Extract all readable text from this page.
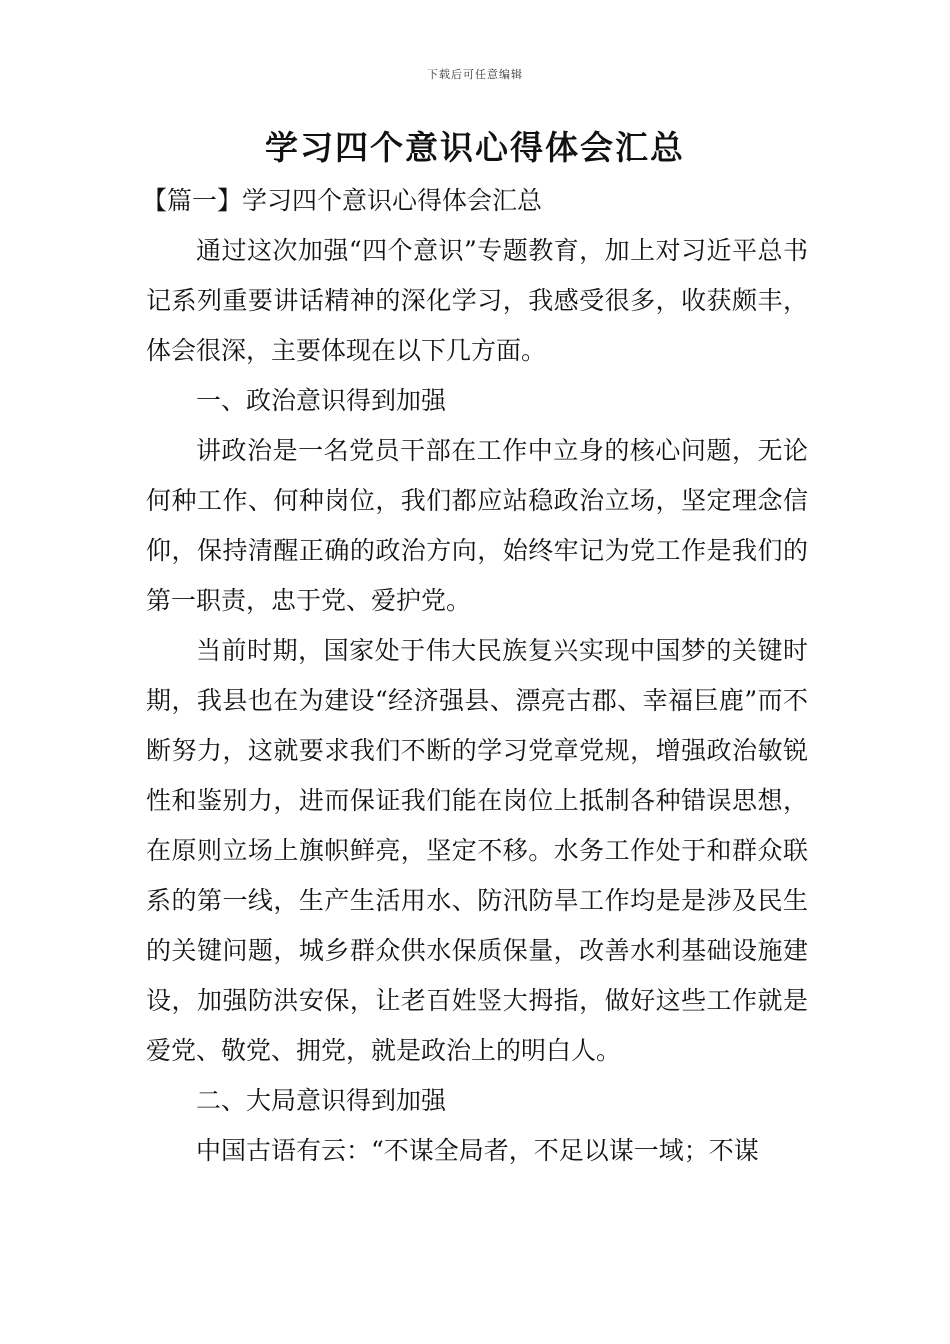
下载后可任意编辑
学习四个意识心得体会汇总

【篇一】学习四个意识心得体会汇总

通过这次加强“四个意识”专题教育，加上对习近平总书记系列重要讲话精神的深化学习，我感受很多，收获颇丰，体会很深，主要体现在以下几方面。

一、政治意识得到加强

讲政治是一名党员干部在工作中立身的核心问题，无论何种工作、何种岗位，我们都应站稳政治立场，坚定理念信仰，保持清醒正确的政治方向，始终牢记为党工作是我们的第一职责，忠于党、爱护党。

当前时期，国家处于伟大民族复兴实现中国梦的关键时期，我县也在为建设“经济强县、漂亮古郡、幸福巨鹿”而不断努力，这就要求我们不断的学习党章党规，增强政治敏锐性和鉴别力，进而保证我们能在岗位上抵制各种错误思想，在原则立场上旗帜鲜亮，坚定不移。水务工作处于和群众联系的第一线，生产生活用水、防汛防旱工作均是是涉及民生的关键问题，城乡群众供水保质保量，改善水利基础设施建设，加强防洪安保，让老百姓竖大拇指，做好这些工作就是爱党、敬党、拥党，就是政治上的明白人。

二、大局意识得到加强

中国古语有云：“不谋全局者，不足以谋一域；不谋
